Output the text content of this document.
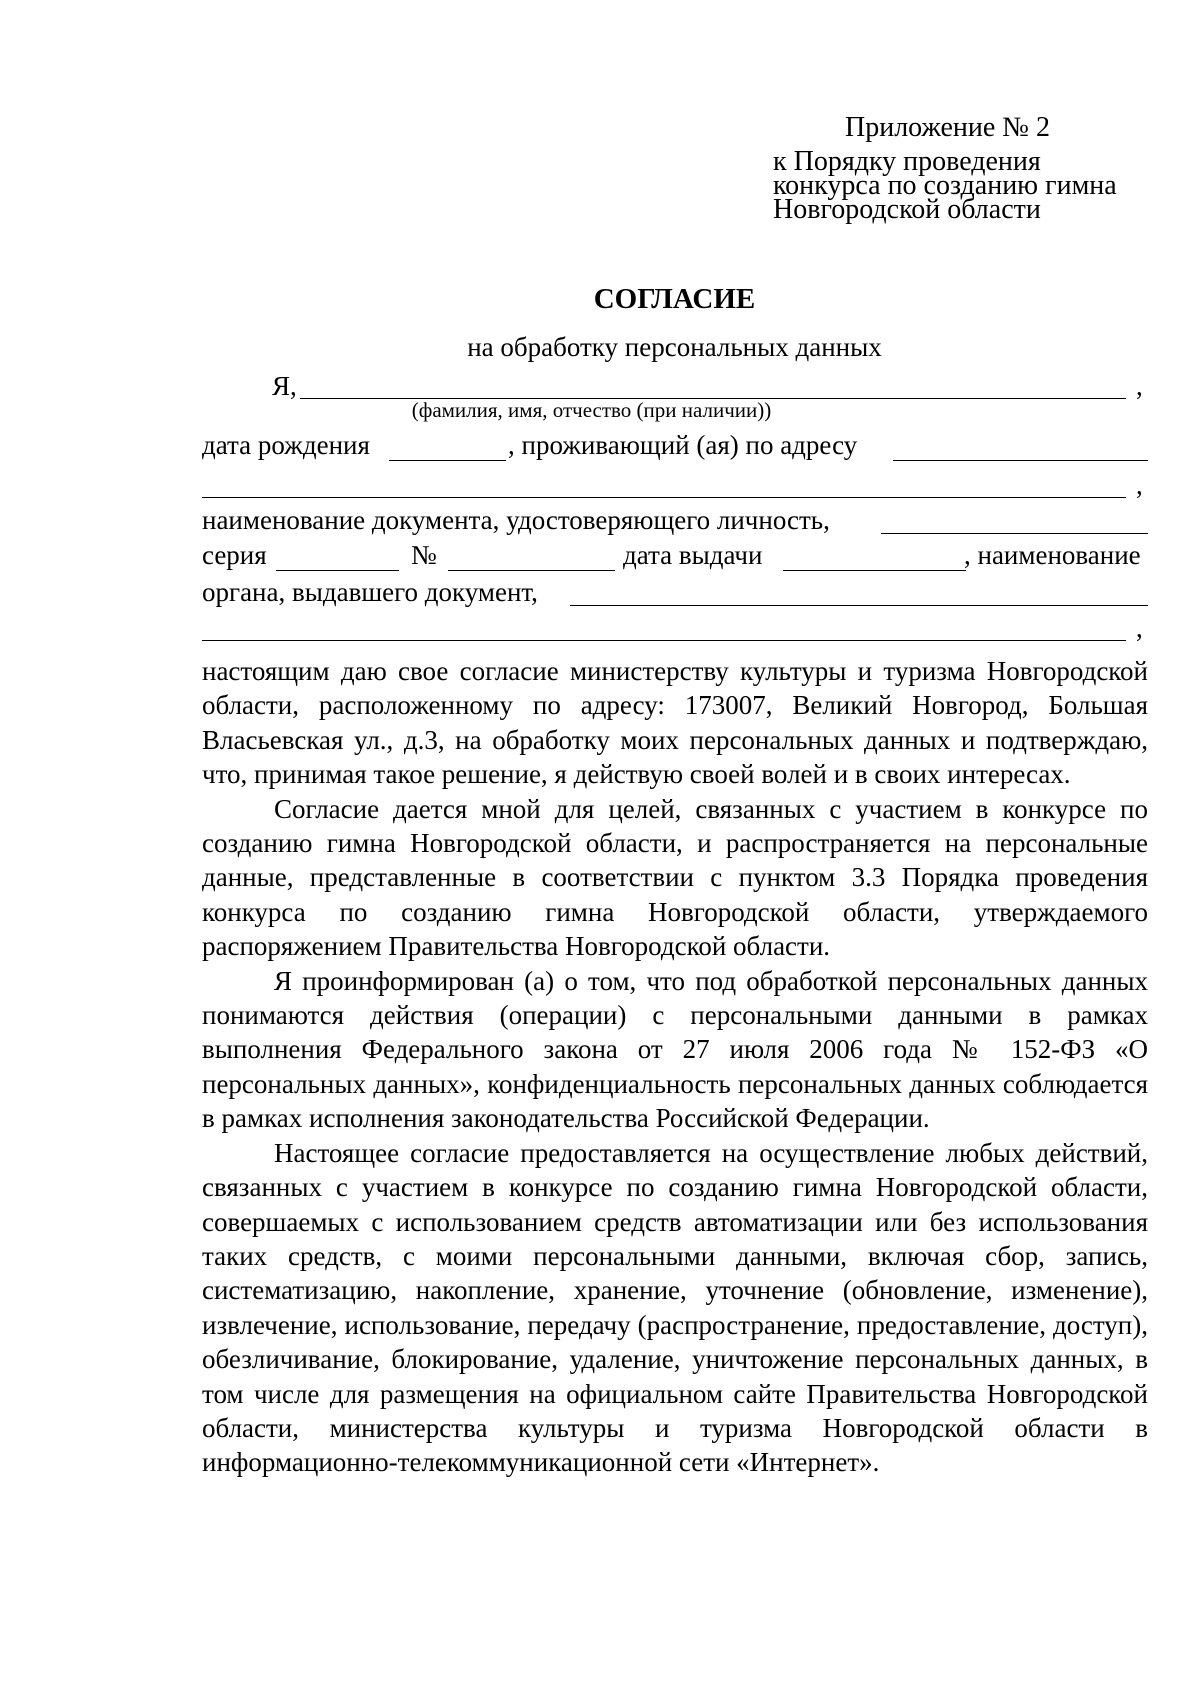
Приложение № 2
к Порядку проведения
конкурса по созданию гимна
Новгородской области
СОГЛАСИЕ
на обработку персональных данных
Я,	,
(фамилия, имя, отчество (при наличии))
дата рождения	, проживающий (ая) по адресу
,
наименование документа, удостоверяющего личность,
серия	№	дата выдачи	, наименование
органа, выдавшего документ,
,

настоящим даю свое согласие министерству культуры и туризма Новгородской области, расположенному по адресу: 173007, Великий Новгород, Большая Власьевская ул., д.3, на обработку моих персональных данных и подтверждаю, что, принимая такое решение, я действую своей волей и в своих интересах.

Согласие дается мной для целей, связанных с участием в конкурсе по созданию гимна Новгородской области, и распространяется на персональные данные, представленные в соответствии с пунктом 3.3 Порядка проведения конкурса по созданию гимна Новгородской области, утверждаемого распоряжением Правительства Новгородской области.

Я проинформирован (а) о том, что под обработкой персональных данных понимаются действия (операции) с персональными данными в рамках выполнения Федерального закона от 27 июля 2006 года № 152-ФЗ «О персональных данных», конфиденциальность персональных данных соблюдается в рамках исполнения законодательства Российской Федерации.

Настоящее согласие предоставляется на осуществление любых действий, связанных с участием в конкурсе по созданию гимна Новгородской области, совершаемых с использованием средств автоматизации или без использования таких средств, с моими персональными данными, включая сбор, запись, систематизацию, накопление, хранение, уточнение (обновление, изменение), извлечение, использование, передачу (распространение, предоставление, доступ), обезличивание, блокирование, удаление, уничтожение персональных данных, в том числе для размещения на официальном сайте Правительства Новгородской области, министерства культуры и туризма Новгородской области в информационно-телекоммуникационной сети «Интернет».
